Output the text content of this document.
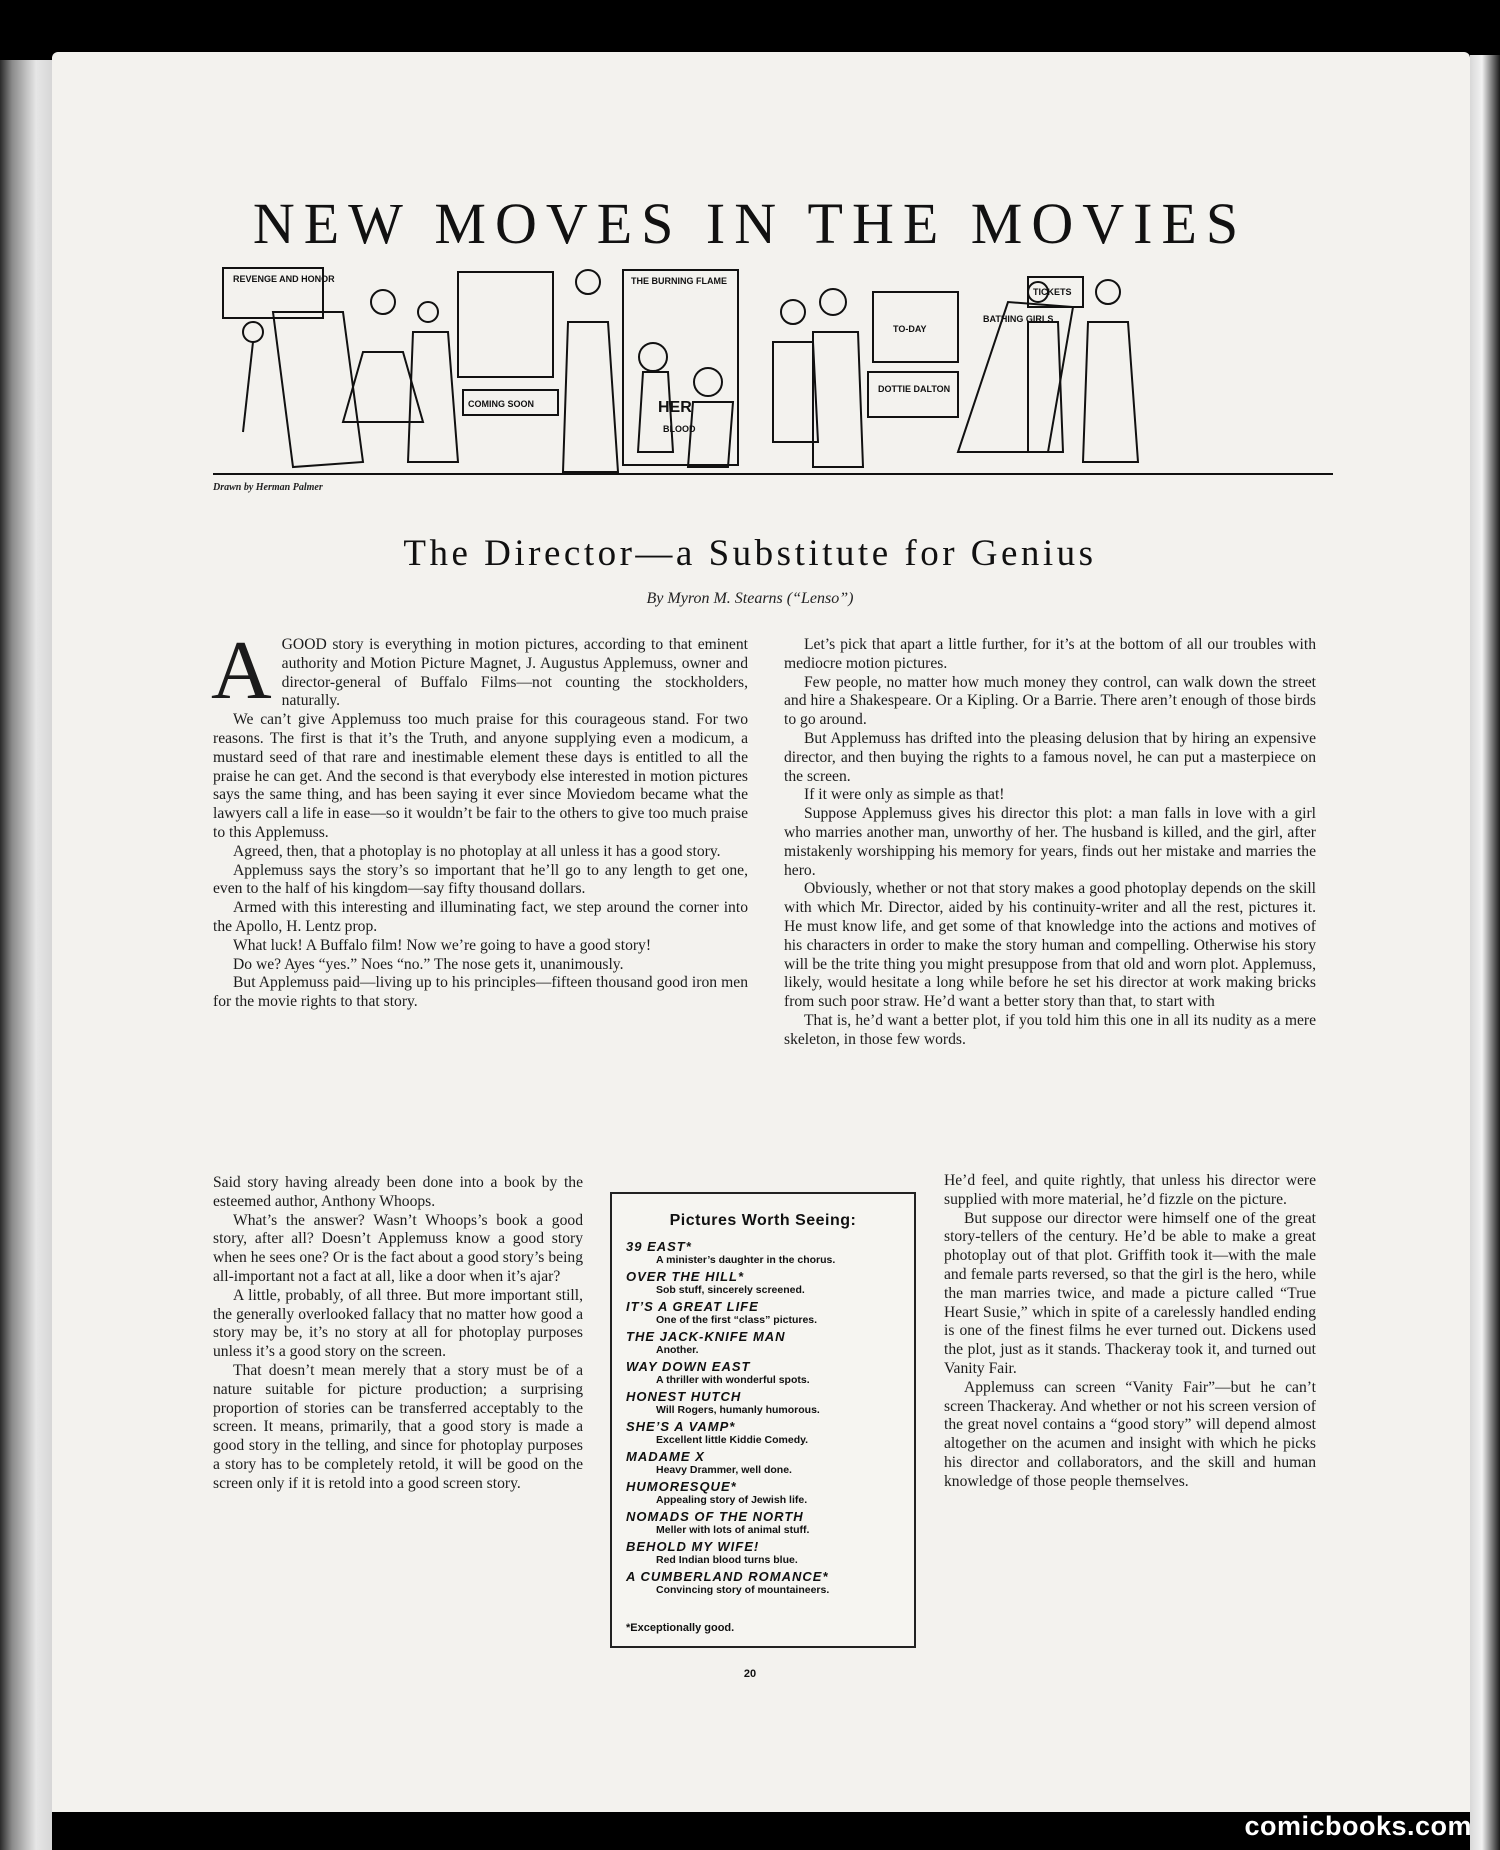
NEW MOVES IN THE MOVIES
REVENGE AND HONOR
COMING SOON
THE BURNING FLAME
HER
BLOOD
TO-DAY
DOTTIE DALTON
TICKETS
BATHING GIRLS
Drawn by Herman Palmer
The Director—a Substitute for Genius
By Myron M. Stearns (“Lenso”)

AGOOD story is everything in motion pictures, according to that eminent authority and Motion Picture Magnet, J. Augustus Applemuss, owner and director-general of Buffalo Films—not counting the stockholders, naturally.

We can’t give Applemuss too much praise for this courageous stand. For two reasons. The first is that it’s the Truth, and anyone supplying even a modicum, a mustard seed of that rare and inestimable element these days is entitled to all the praise he can get. And the second is that everybody else interested in motion pictures says the same thing, and has been saying it ever since Moviedom became what the lawyers call a life in ease—so it wouldn’t be fair to the others to give too much praise to this Applemuss.

Agreed, then, that a photoplay is no photoplay at all unless it has a good story.

Applemuss says the story’s so important that he’ll go to any length to get one, even to the half of his kingdom—say fifty thousand dollars.

Armed with this interesting and illuminating fact, we step around the corner into the Apollo, H. Lentz prop.

What luck! A Buffalo film! Now we’re going to have a good story!

Do we? Ayes “yes.” Noes “no.” The nose gets it, unanimously.

But Applemuss paid—living up to his principles—fifteen thousand good iron men for the movie rights to that story.

Said story having already been done into a book by the esteemed author, Anthony Whoops.

What’s the answer? Wasn’t Whoops’s book a good story, after all? Doesn’t Applemuss know a good story when he sees one? Or is the fact about a good story’s being all-important not a fact at all, like a door when it’s ajar?

A little, probably, of all three. But more important still, the generally overlooked fallacy that no matter how good a story may be, it’s no story at all for photoplay purposes unless it’s a good story on the screen.

That doesn’t mean merely that a story must be of a nature suitable for picture production; a surprising proportion of stories can be transferred acceptably to the screen. It means, primarily, that a good story is made a good story in the telling, and since for photoplay purposes a story has to be completely retold, it will be good on the screen only if it is retold into a good screen story.

Let’s pick that apart a little further, for it’s at the bottom of all our troubles with mediocre motion pictures.

Few people, no matter how much money they control, can walk down the street and hire a Shakespeare. Or a Kipling. Or a Barrie. There aren’t enough of those birds to go around.

But Applemuss has drifted into the pleasing delusion that by hiring an expensive director, and then buying the rights to a famous novel, he can put a masterpiece on the screen.

If it were only as simple as that!

Suppose Applemuss gives his director this plot: a man falls in love with a girl who marries another man, unworthy of her. The husband is killed, and the girl, after mistakenly worshipping his memory for years, finds out her mistake and marries the hero.

Obviously, whether or not that story makes a good photoplay depends on the skill with which Mr. Director, aided by his continuity-writer and all the rest, pictures it. He must know life, and get some of that knowledge into the actions and motives of his characters in order to make the story human and compelling. Otherwise his story will be the trite thing you might presuppose from that old and worn plot. Applemuss, likely, would hesitate a long while before he set his director at work making bricks from such poor straw. He’d want a better story than that, to start with

That is, he’d want a better plot, if you told him this one in all its nudity as a mere skeleton, in those few words.

He’d feel, and quite rightly, that unless his director were supplied with more material, he’d fizzle on the picture.

But suppose our director were himself one of the great story-tellers of the century. He’d be able to make a great photoplay out of that plot. Griffith took it—with the male and female parts reversed, so that the girl is the hero, while the man marries twice, and made a picture called “True Heart Susie,” which in spite of a carelessly handled ending is one of the finest films he ever turned out. Dickens used the plot, just as it stands. Thackeray took it, and turned out Vanity Fair.

Applemuss can screen “Vanity Fair”—but he can’t screen Thackeray. And whether or not his screen version of the great novel contains a “good story” will depend almost altogether on the acumen and insight with which he picks his director and collaborators, and the skill and human knowledge of those people themselves.

Pictures Worth Seeing:
39 EAST*
A minister’s daughter in the chorus.
OVER THE HILL*
Sob stuff, sincerely screened.
IT’S A GREAT LIFE
One of the first “class” pictures.
THE JACK-KNIFE MAN
Another.
WAY DOWN EAST
A thriller with wonderful spots.
HONEST HUTCH
Will Rogers, humanly humorous.
SHE’S A VAMP*
Excellent little Kiddie Comedy.
MADAME X
Heavy Drammer, well done.
HUMORESQUE*
Appealing story of Jewish life.
NOMADS OF THE NORTH
Meller with lots of animal stuff.
BEHOLD MY WIFE!
Red Indian blood turns blue.
A CUMBERLAND ROMANCE*
Convincing story of mountaineers.
*Exceptionally good.
20
comicbooks.com
